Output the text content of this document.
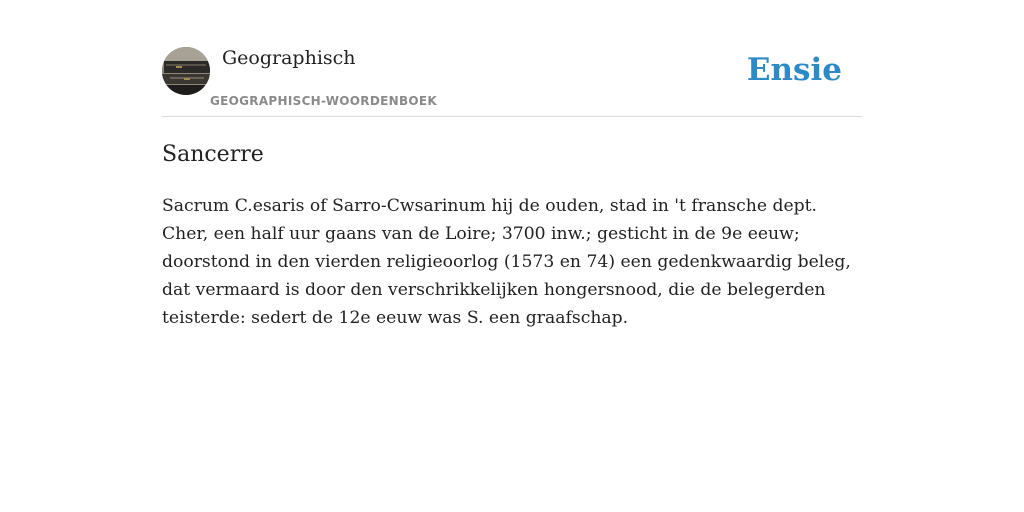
Geographisch
GEOGRAPHISCH-WOORDENBOEK
Ensie
Sancerre

Sacrum C.esaris of Sarro-Cwsarinum hij de ouden, stad in 't fransche dept. Cher, een half uur gaans van de Loire; 3700 inw.; gesticht in de 9e eeuw; doorstond in den vierden religieoorlog (1573 en 74) een gedenkwaardig beleg, dat vermaard is door den verschrikkelijken hongersnood, die de belegerden teisterde: sedert de 12e eeuw was S. een graafschap.
